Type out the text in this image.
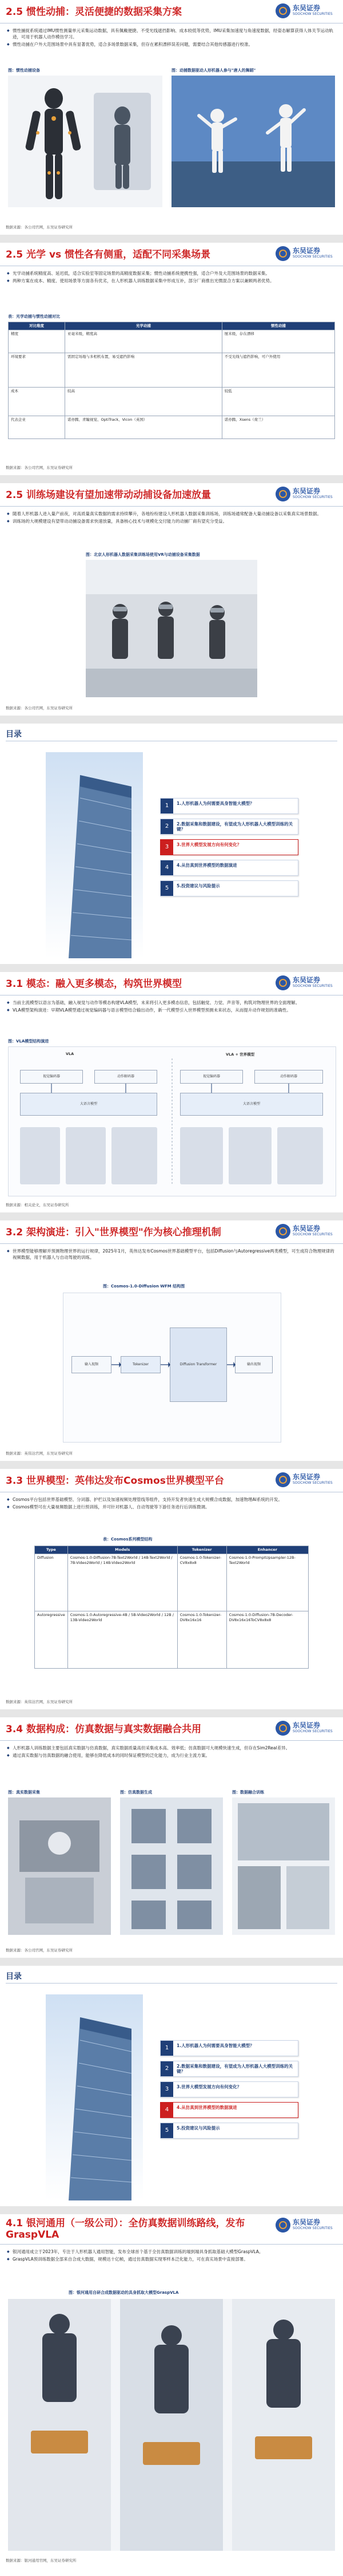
2.5 惯性动捕：灵活便捷的数据采集方案	东吴证券
SOOCHOW SECURITIES

◆ 惯性捕捉系统通过IMU惯性测量单元采集运动数据，具有佩戴便捷、不受光线遮挡影响、成本较低等优势，IMU采集加速度与角速度数据，经姿态解算获得人体关节运动轨迹，可用于机器人动作模仿学习。

◆ 惯性动捕在户外大范围场景中具有显著优势，适合多场景数据采集，但存在累积漂移误差问题，需要结合其他传感器进行校准。

图：惯性动捕设备	图：动捕数据驱动人形机器人参与"唐人的舞蹈"
数据来源：各公司官网，东吴证券研究所
2.5 光学 vs 惯性各有侧重，适配不同采集场景	东吴证券
SOOCHOW SECURITIES

◆ 光学动捕系统精度高、延迟低，适合实验室等固定场景的高精度数据采集；惯性动捕系统便携性强，适合户外及大范围场景的数据采集。

◆ 两种方案在成本、精度、使用场景等方面各有优劣，在人形机器人训练数据采集中形成互补，部分厂商推出光惯混合方案以兼顾两者优势。

表：光学动捕与惯性动捕对比
对比维度	光学动捕	惯性动捕
精度	亚毫米级，精度高	厘米级，存在漂移
环境要求	需固定场地与多相机布置，易受遮挡影响	不受光线与遮挡影响，可户外使用
成本	较高	较低
代表企业	诺亦腾、青瞳视觉、OptiTrack、Vicon（英国）	诺亦腾、Xsens（荷兰）
数据来源：各公司官网，东吴证券研究所
2.5 训练场建设有望加速带动动捕设备加速放量	东吴证券
SOOCHOW SECURITIES

◆ 随着人形机器人进入量产前夜，对高质量真实数据的需求持续攀升，各地纷纷建设人形机器人数据采集训练场，训练场通常配备大量动捕设备以采集真实场景数据。

◆ 训练场的大规模建设有望带动动捕设备需求快速放量，具备核心技术与规模化交付能力的动捕厂商有望充分受益。

图：北京人形机器人数据采集训练场使用VR与动捕设备采集数据
数据来源：各公司官网，东吴证券研究所
目录
1	1.人形机器人为何需要具身智能大模型？
2	2.数据采集和数据建设，有望成为人形机器人大模型训练的关键？
3	3.世界大模型发展方向有何变化？
4	4.从仿真到世界模型的数据演进
5	5.投资建议与风险提示
3.1 模态：融入更多模态，构筑世界模型	东吴证券
SOOCHOW SECURITIES

◆ 当前主流模型以语言为基础，融入视觉与动作等模态构建VLA模型，未来将引入更多模态信息，包括触觉、力觉、声音等，构筑对物理世界的全面理解。

◆ VLA模型架构演进：早期VLA模型通过视觉编码器与语言模型结合输出动作，新一代模型引入世界模型预测未来状态，从而提升动作规划的准确性。

图：VLA模型结构演进
VLA	VLA + 世界模型
视觉编码器
大语言模型
动作解码器	视觉编码器
大语言模型
动作解码器
数据来源：相关论文，东吴证券研究所
3.2 架构演进：引入"世界模型"作为核心推理机制	东吴证券
SOOCHOW SECURITIES

◆ 世界模型能够理解并预测物理世界的运行规律，2025年1月，英伟达发布Cosmos世界基础模型平台，包括Diffusion与Autoregressive两类模型，可生成符合物理规律的视频数据，用于机器人与自动驾驶的训练。

图：Cosmos-1.0-Diffusion WFM 结构图
输入视频	Tokenizer	Diffusion Transformer	输出视频
数据来源：英伟达官网，东吴证券研究所
3.3 世界模型：英伟达发布Cosmos世界模型平台	东吴证券
SOOCHOW SECURITIES

◆ Cosmos平台包括世界基础模型、分词器、护栏以及加速视频处理管线等组件，支持开发者快速生成大规模合成数据，加速物理AI系统的开发。

◆ Cosmos模型可在大量视频数据上进行预训练，并可针对机器人、自动驾驶等下游任务进行后训练微调。

表：Cosmos系列模型结构
Type	Models	Tokenizer	Enhancer
Diffusion	Cosmos-1.0-Diffusion-7B-Text2World / 14B-Text2World / 7B-Video2World / 14B-Video2World	Cosmos-1.0-Tokenizer-CV8x8x8	Cosmos-1.0-PromptUpsampler-12B-Text2World
Autoregressive	Cosmos-1.0-Autoregressive-4B / 5B-Video2World / 12B / 13B-Video2World	Cosmos-1.0-Tokenizer-DV8x16x16	Cosmos-1.0-Diffusion-7B-Decoder-DV8x16x16ToCV8x8x8
数据来源：英伟达官网，东吴证券研究所
3.4 数据构成：仿真数据与真实数据融合共用	东吴证券
SOOCHOW SECURITIES

◆ 人形机器人训练数据主要包括真实数据与仿真数据，真实数据质量高但采集成本高、效率低；仿真数据可大规模快速生成，但存在Sim2Real差异。

◆ 通过真实数据与仿真数据的融合使用，能够在降低成本的同时保证模型的泛化能力，成为行业主流方案。

图：真实数据采集	图：仿真数据生成	图：数据融合训练
数据来源：各公司官网，东吴证券研究所
目录
1	1.人形机器人为何需要具身智能大模型？
2	2.数据采集和数据建设，有望成为人形机器人大模型训练的关键？
3	3.世界大模型发展方向有何变化？
4	4.从仿真到世界模型的数据演进
5	5.投资建议与风险提示
4.1 银河通用（一级公司）：全仿真数据训练路线，发布GraspVLA
东吴证券
SOOCHOW SECURITIES

◆ 银河通用成立于2023年，专注于人形机器人通用智能，发布全球首个基于全仿真数据训练的端到端具身抓取基础大模型GraspVLA。

◆ GraspVLA预训练数据全部来自合成大数据，规模达十亿帧，通过仿真数据实现零样本泛化能力，可在真实场景中直接部署。

图：银河通用自研合成数据驱动的具身抓取大模型GraspVLA
数据来源：银河通用官网，东吴证券研究所
